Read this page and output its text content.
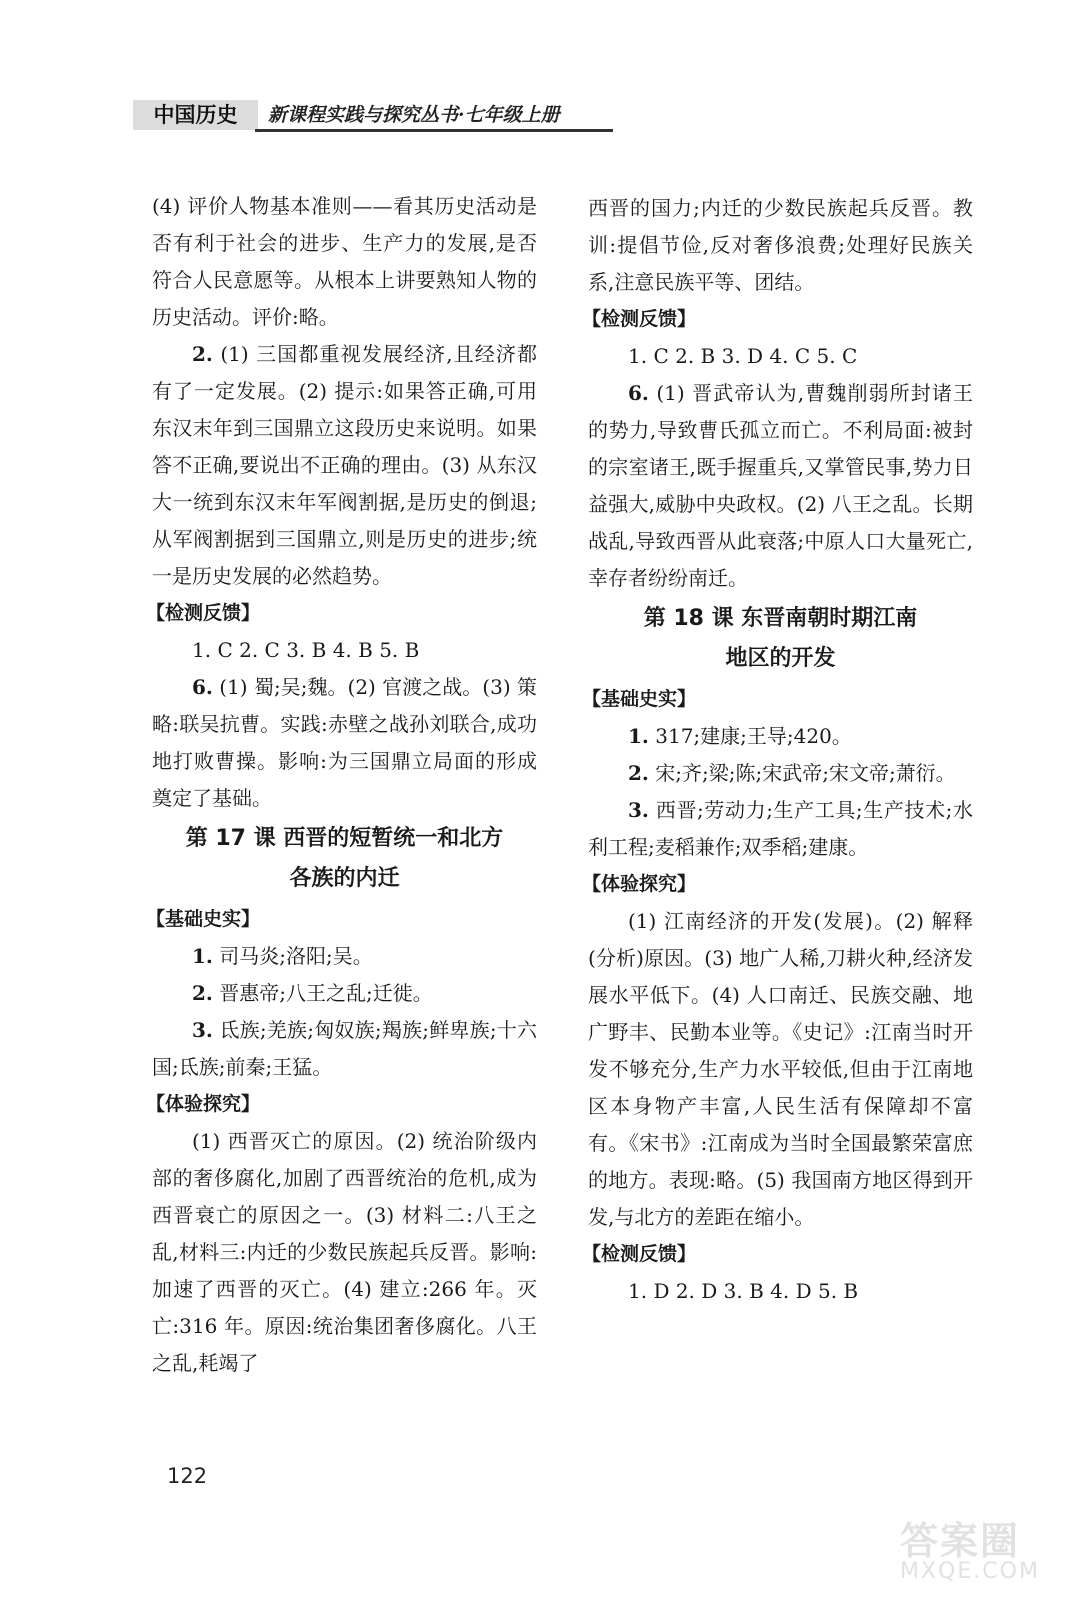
中国历史	新课程实践与探究丛书·七年级上册

(4) 评价人物基本准则——看其历史活动是否有利于社会的进步、生产力的发展,是否符合人民意愿等。从根本上讲要熟知人物的历史活动。评价:略。

2. (1) 三国都重视发展经济,且经济都有了一定发展。(2) 提示:如果答正确,可用东汉末年到三国鼎立这段历史来说明。如果答不正确,要说出不正确的理由。(3) 从东汉大一统到东汉末年军阀割据,是历史的倒退;从军阀割据到三国鼎立,则是历史的进步;统一是历史发展的必然趋势。

【检测反馈】

1. C 2. C 3. B 4. B 5. B

6. (1) 蜀;吴;魏。(2) 官渡之战。(3) 策略:联吴抗曹。实践:赤壁之战孙刘联合,成功地打败曹操。影响:为三国鼎立局面的形成奠定了基础。

第 17 课 西晋的短暂统一和北方
各族的内迁

【基础史实】

1. 司马炎;洛阳;吴。

2. 晋惠帝;八王之乱;迁徙。

3. 氐族;羌族;匈奴族;羯族;鲜卑族;十六国;氐族;前秦;王猛。

【体验探究】

(1) 西晋灭亡的原因。(2) 统治阶级内部的奢侈腐化,加剧了西晋统治的危机,成为西晋衰亡的原因之一。(3) 材料二:八王之乱,材料三:内迁的少数民族起兵反晋。影响:加速了西晋的灭亡。(4) 建立:266 年。灭亡:316 年。原因:统治集团奢侈腐化。八王之乱,耗竭了

西晋的国力;内迁的少数民族起兵反晋。教训:提倡节俭,反对奢侈浪费;处理好民族关系,注意民族平等、团结。

【检测反馈】

1. C 2. B 3. D 4. C 5. C

6. (1) 晋武帝认为,曹魏削弱所封诸王的势力,导致曹氏孤立而亡。不利局面:被封的宗室诸王,既手握重兵,又掌管民事,势力日益强大,威胁中央政权。(2) 八王之乱。长期战乱,导致西晋从此衰落;中原人口大量死亡,幸存者纷纷南迁。

第 18 课 东晋南朝时期江南
地区的开发

【基础史实】

1. 317;建康;王导;420。

2. 宋;齐;梁;陈;宋武帝;宋文帝;萧衍。

3. 西晋;劳动力;生产工具;生产技术;水利工程;麦稻兼作;双季稻;建康。

【体验探究】

(1) 江南经济的开发(发展)。(2) 解释(分析)原因。(3) 地广人稀,刀耕火种,经济发展水平低下。(4) 人口南迁、民族交融、地广野丰、民勤本业等。《史记》:江南当时开发不够充分,生产力水平较低,但由于江南地区本身物产丰富,人民生活有保障却不富有。《宋书》:江南成为当时全国最繁荣富庶的地方。表现:略。(5) 我国南方地区得到开发,与北方的差距在缩小。

【检测反馈】

1. D 2. D 3. B 4. D 5. B

122
答案圈
MXQE.COM
